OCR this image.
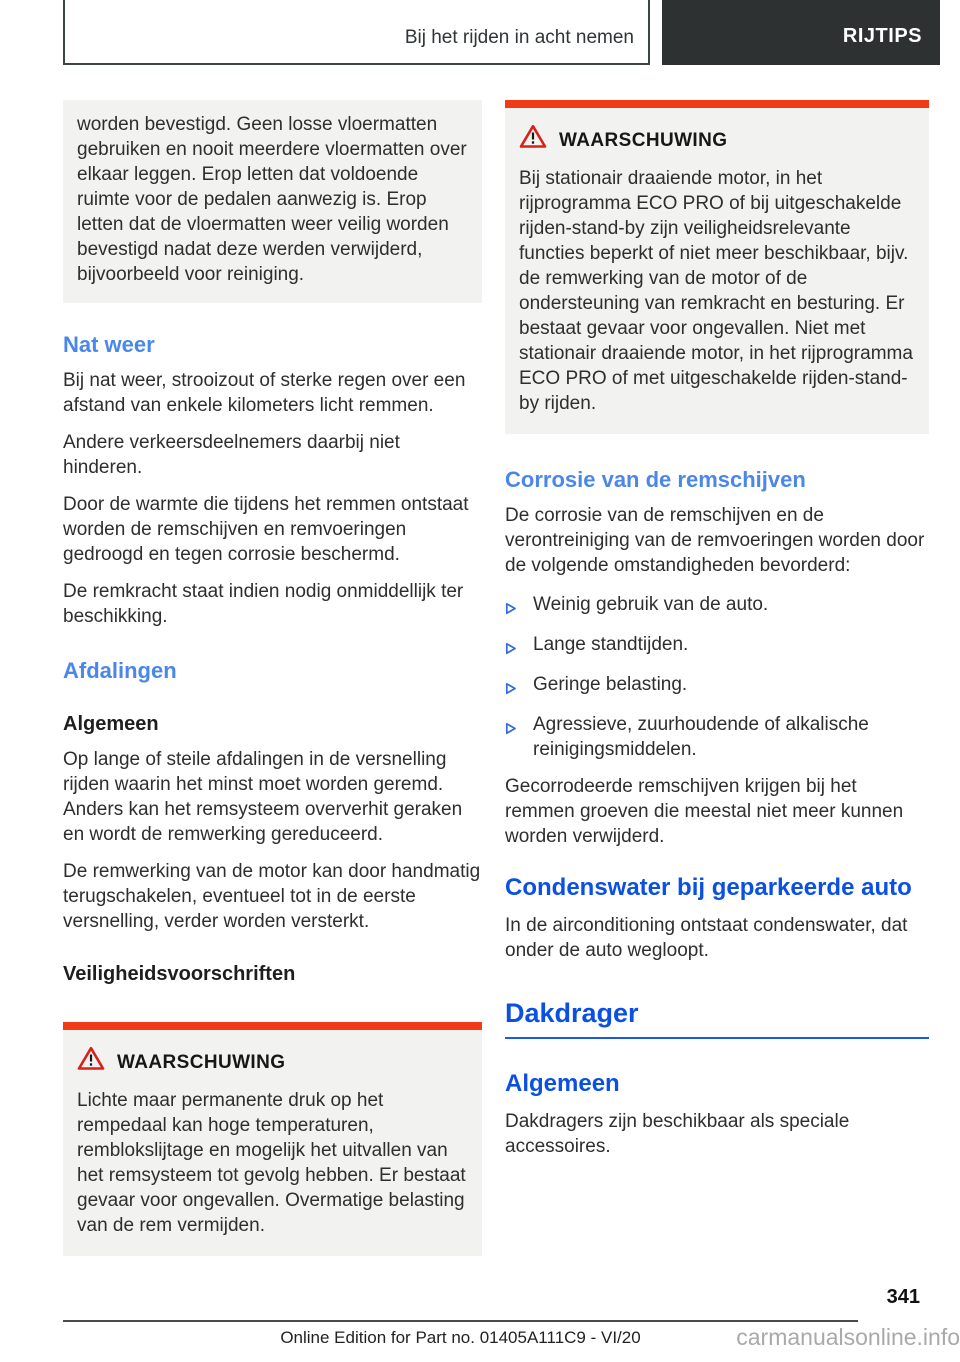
Bij het rijden in acht nemen	RIJTIPS
worden bevestigd. Geen losse vloermatten gebruiken en nooit meerdere vloermatten over elkaar leggen. Erop letten dat voldoende ruimte voor de pedalen aanwezig is. Erop letten dat de vloermatten weer veilig worden bevestigd nadat deze werden verwijderd, bijvoorbeeld voor reiniging.
Nat weer

Bij nat weer, strooizout of sterke regen over een afstand van enkele kilometers licht remmen.

Andere verkeersdeelnemers daarbij niet hinderen.

Door de warmte die tijdens het remmen ontstaat worden de remschijven en remvoeringen gedroogd en tegen corrosie beschermd.

De remkracht staat indien nodig onmiddellijk ter beschikking.

Afdalingen
Algemeen

Op lange of steile afdalingen in de versnelling rijden waarin het minst moet worden geremd. Anders kan het remsysteem oververhit geraken en wordt de remwerking gereduceerd.

De remwerking van de motor kan door handmatig terugschakelen, eventueel tot in de eerste versnelling, verder worden versterkt.

Veiligheidsvoorschriften
WAARSCHUWING

Lichte maar permanente druk op het rempedaal kan hoge temperaturen, remblokslijtage en mogelijk het uitvallen van het remsysteem tot gevolg hebben. Er bestaat gevaar voor ongevallen. Overmatige belasting van de rem vermijden.

WAARSCHUWING

Bij stationair draaiende motor, in het rijprogramma ECO PRO of bij uitgeschakelde rijden-stand-by zijn veiligheidsrelevante functies beperkt of niet meer beschikbaar, bijv. de remwerking van de motor of de ondersteuning van remkracht en besturing. Er bestaat gevaar voor ongevallen. Niet met stationair draaiende motor, in het rijprogramma ECO PRO of met uitgeschakelde rijden-stand-by rijden.

Corrosie van de remschijven

De corrosie van de remschijven en de verontreiniging van de remvoeringen worden door de volgende omstandigheden bevorderd:

Weinig gebruik van de auto.
Lange standtijden.
Geringe belasting.
Agressieve, zuurhoudende of alkalische reinigingsmiddelen.

Gecorrodeerde remschijven krijgen bij het remmen groeven die meestal niet meer kunnen worden verwijderd.

Condenswater bij geparkeerde auto

In de airconditioning ontstaat condenswater, dat onder de auto wegloopt.

Dakdrager
Algemeen

Dakdragers zijn beschikbaar als speciale accessoires.

341
Online Edition for Part no. 01405A111C9 - VI/20	carmanualsonline.info
